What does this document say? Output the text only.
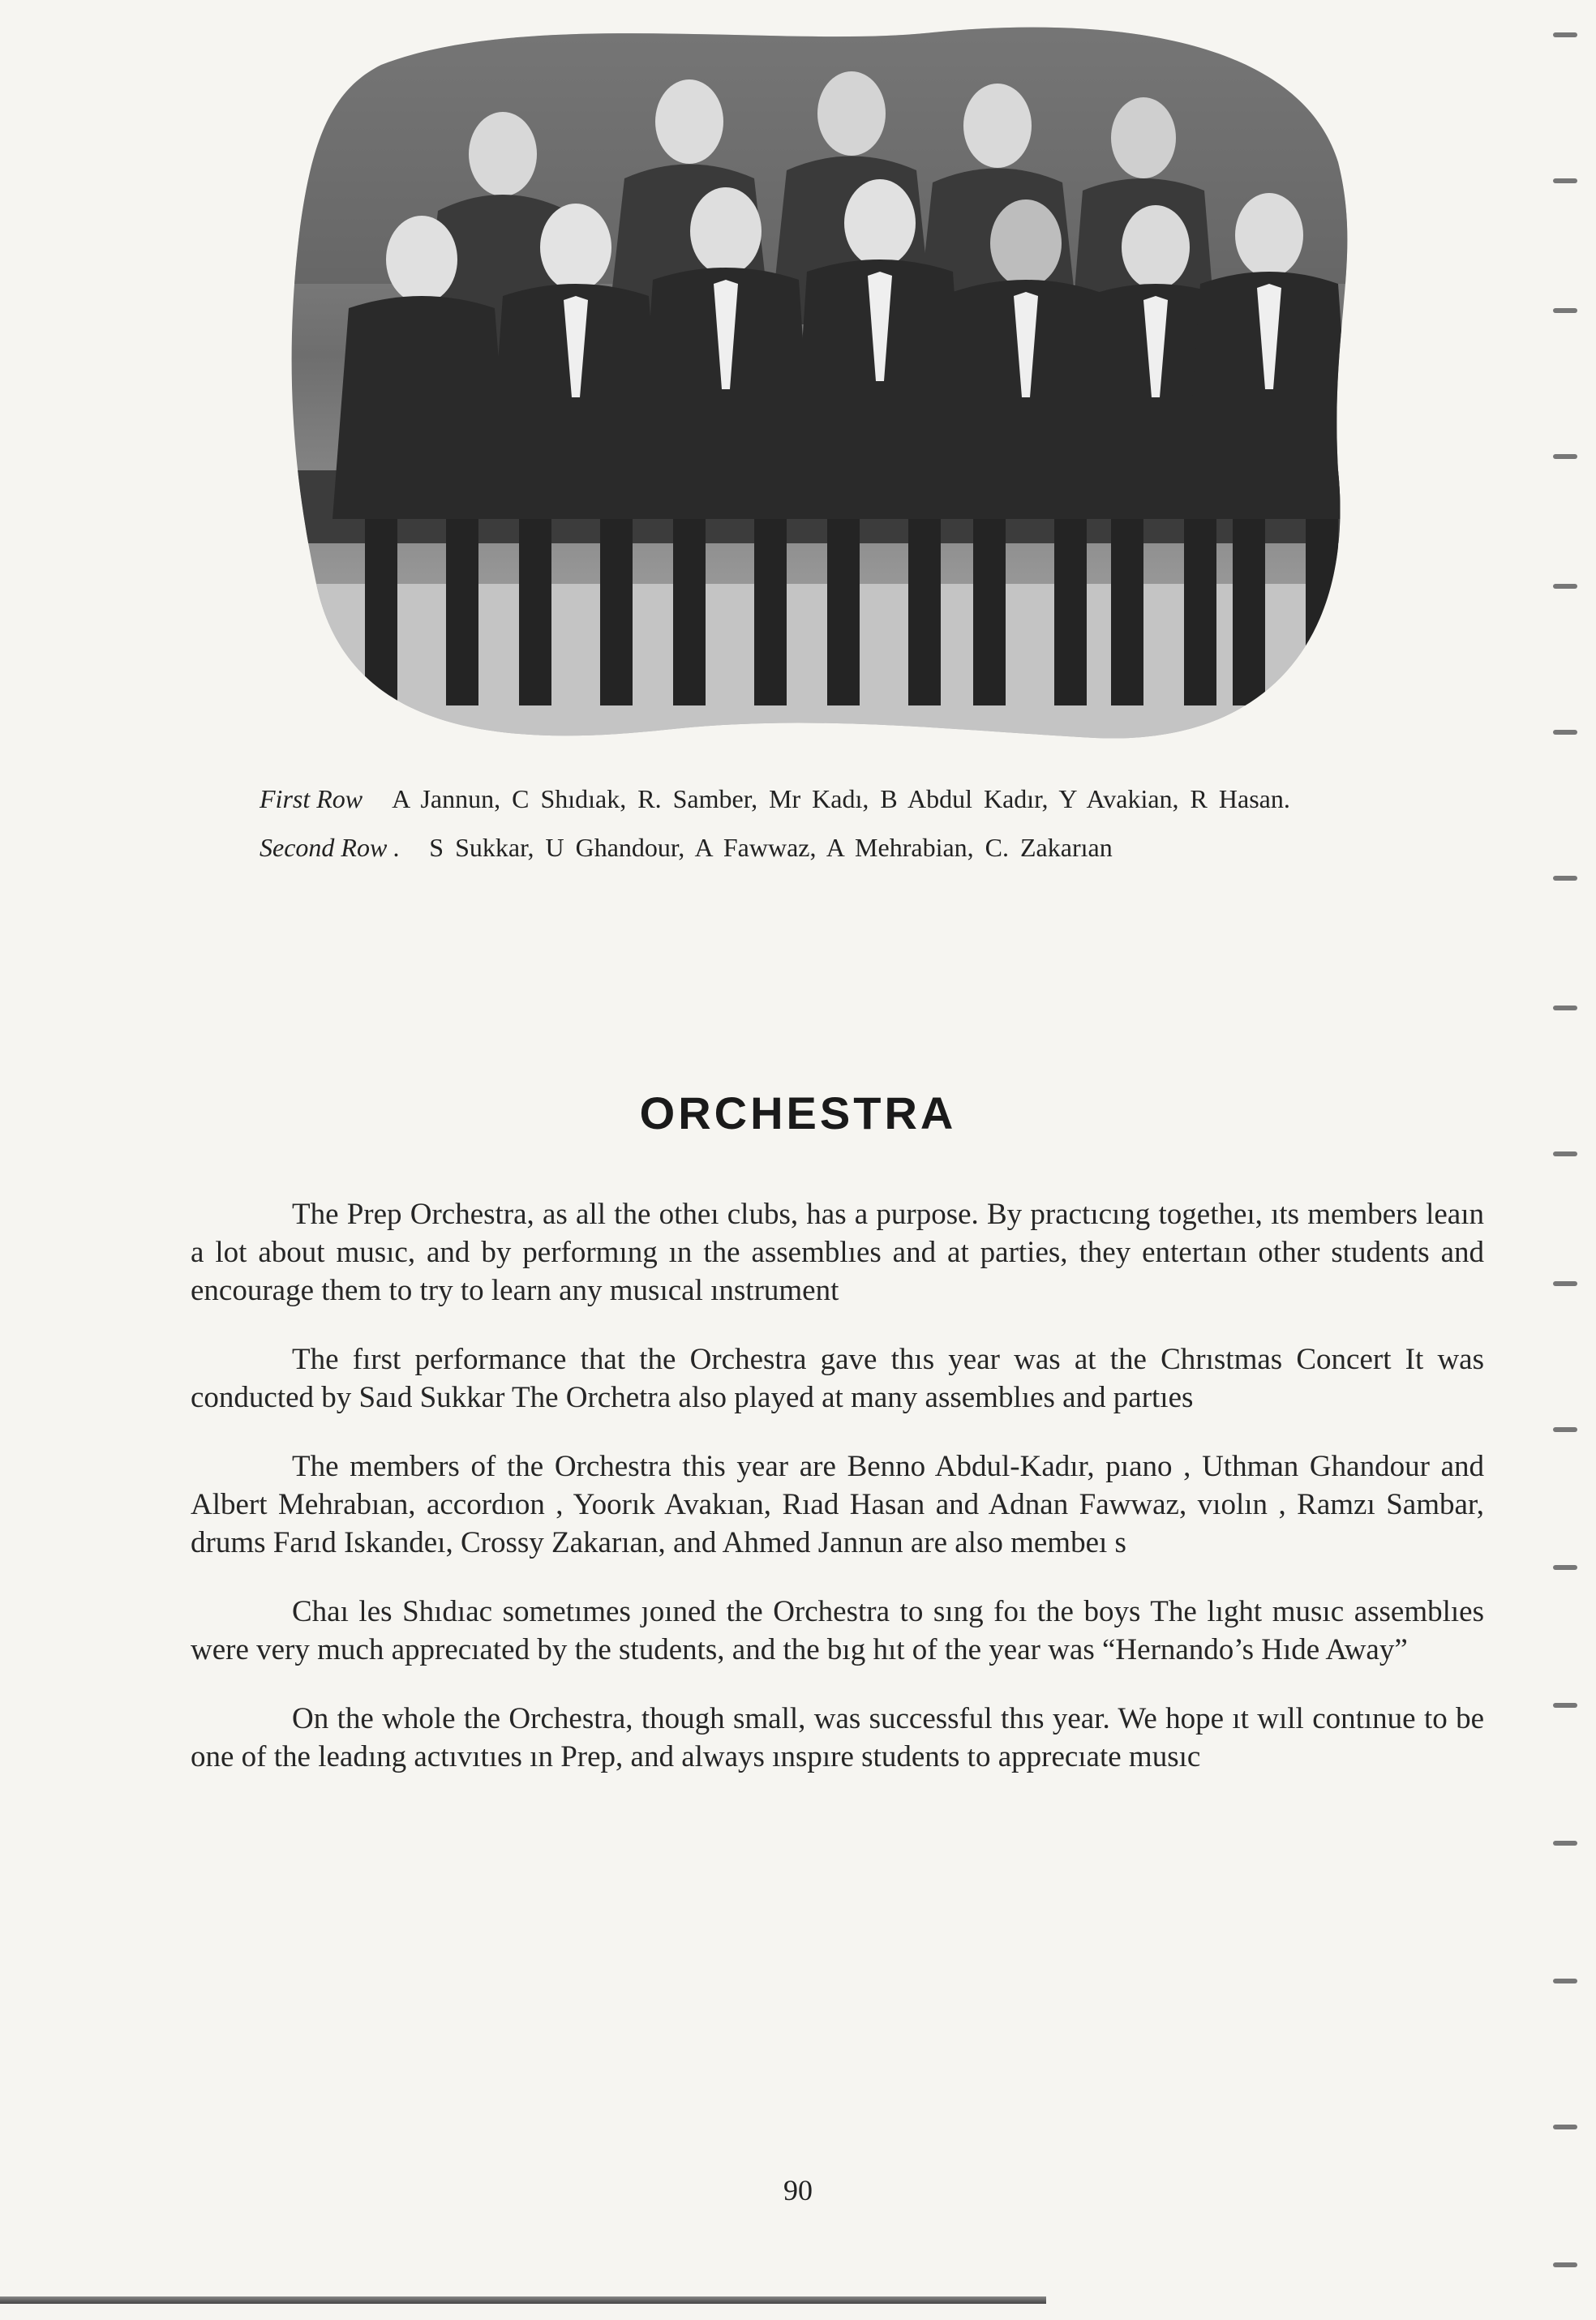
First Row A Jannun, C Shıdıak, R. Samber, Mr Kadı, B Abdul Kadır, Y Avakian, R Hasan.

Second Row . S Sukkar, U Ghandour, A Fawwaz, A Mehrabian, C. Zakarıan

ORCHESTRA

The Prep Orchestra, as all the otheı clubs, has a purpose. By practıcıng togetheı, ıts members leaın a lot about musıc, and by performıng ın the assemblıes and at parties, they entertaın other students and encourage them to try to learn any musıcal ınstrument

The fırst performance that the Orchestra gave thıs year was at the Chrıstmas Concert It was conducted by Saıd Sukkar The Orchetra also played at many assemblıes and partıes

The members of the Orchestra this year are Benno Abdul-Kadır, pıano , Uthman Ghandour and Albert Mehrabıan, accordıon , Yoorık Avakıan, Rıad Hasan and Adnan Fawwaz, vıolın , Ramzı Sambar, drums Farıd Iskandeı, Crossy Zakarıan, and Ahmed Jannun are also membeı s

Chaı les Shıdıac sometımes ȷoıned the Orchestra to sıng foı the boys The lıght musıc assemblıes were very much apprecıated by the students, and the bıg hıt of the year was “Hernando’s Hıde Away”

On the whole the Orchestra, though small, was successful thıs year. We hope ıt wıll contınue to be one of the leadıng actıvıtıes ın Prep, and always ınspıre students to apprecıate musıc

90
